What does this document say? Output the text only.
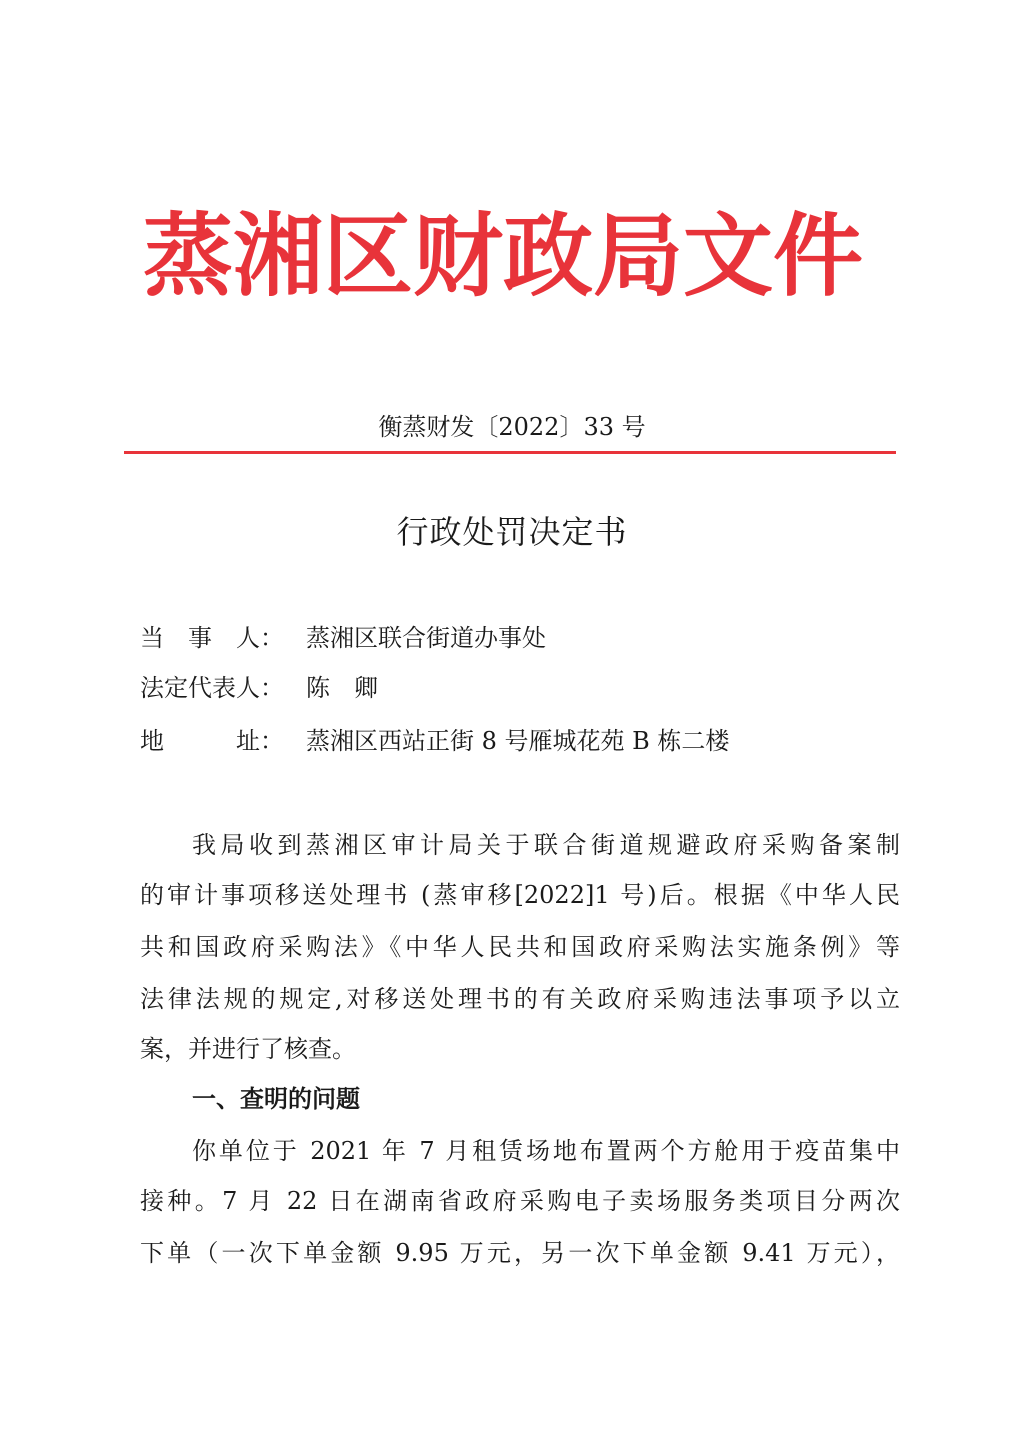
蒸湘区财政局文件
衡蒸财发〔2022〕33 号
行政处罚决定书
当　事　人： 蒸湘区联合街道办事处
法定代表人： 陈　卿
地　　　址： 蒸湘区西站正街 8 号雁城花苑 B 栋二楼
我局收到蒸湘区审计局关于联合街道规避政府采购备案制
的审计事项移送处理书 (蒸审移[2022]1 号)后。根据《中华人民
共和国政府采购法》《中华人民共和国政府采购法实施条例》等
法律法规的规定,对移送处理书的有关政府采购违法事项予以立
案，并进行了核查。
一、查明的问题
你单位于 2021 年 7 月租赁场地布置两个方舱用于疫苗集中
接种。7 月 22 日在湖南省政府采购电子卖场服务类项目分两次
下单（一次下单金额 9.95 万元，另一次下单金额 9.41 万元），
